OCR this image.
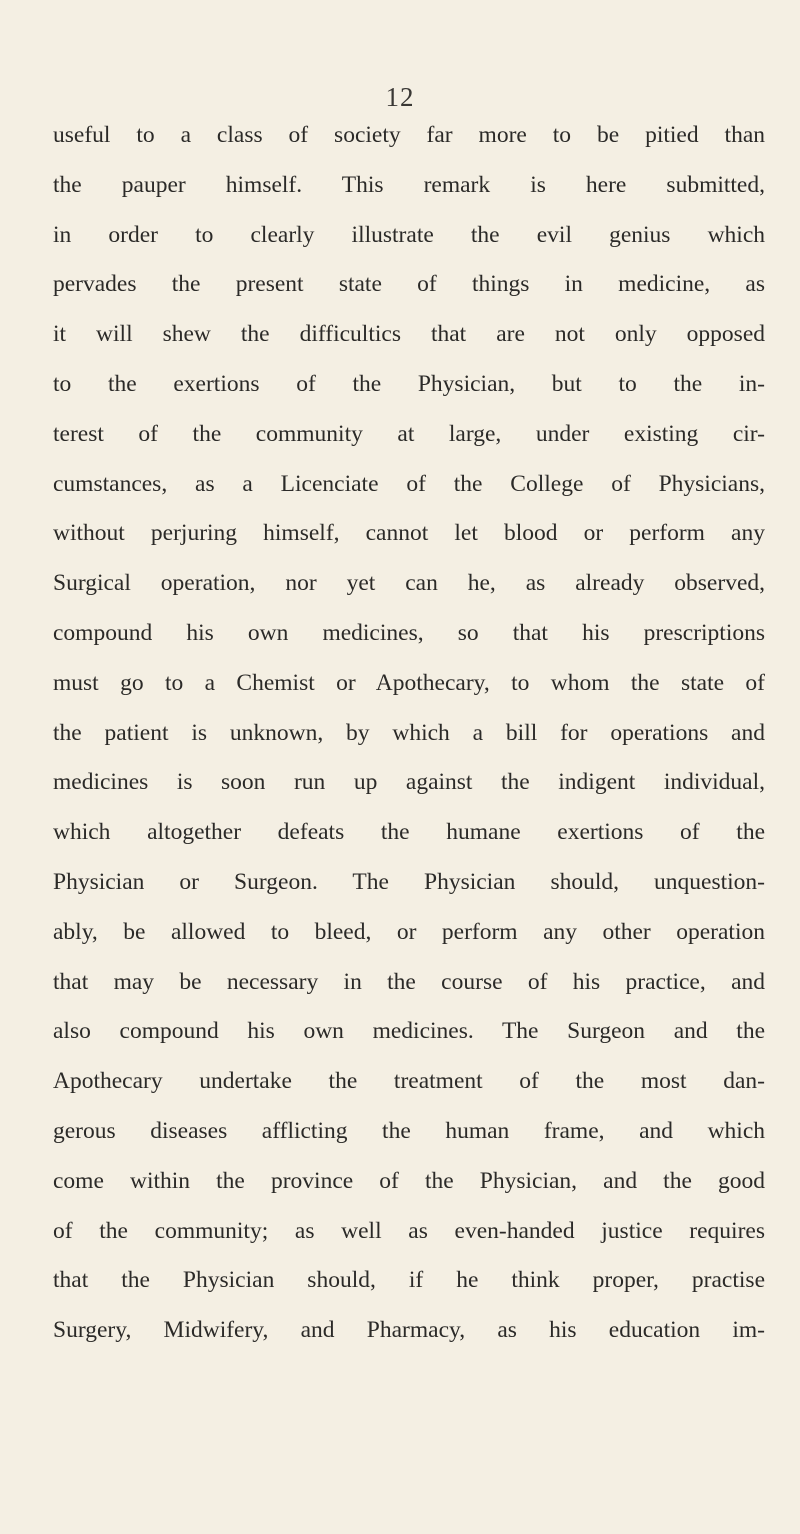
12
useful to a class of society far more to be pitied than
the pauper himself. This remark is here submitted,
in order to clearly illustrate the evil genius which
pervades the present state of things in medicine, as
it will shew the difficultics that are not only opposed
to the exertions of the Physician, but to the in-
terest of the community at large, under existing cir-
cumstances, as a Licenciate of the College of Physicians,
without perjuring himself, cannot let blood or perform any
Surgical operation, nor yet can he, as already observed,
compound his own medicines, so that his prescriptions
must go to a Chemist or Apothecary, to whom the state of
the patient is unknown, by which a bill for operations and
medicines is soon run up against the indigent individual,
which altogether defeats the humane exertions of the
Physician or Surgeon. The Physician should, unquestion-
ably, be allowed to bleed, or perform any other operation
that may be necessary in the course of his practice, and
also compound his own medicines. The Surgeon and the
Apothecary undertake the treatment of the most dan-
gerous diseases afflicting the human frame, and which
come within the province of the Physician, and the good
of the community; as well as even-handed justice requires
that the Physician should, if he think proper, practise
Surgery, Midwifery, and Pharmacy, as his education im-
